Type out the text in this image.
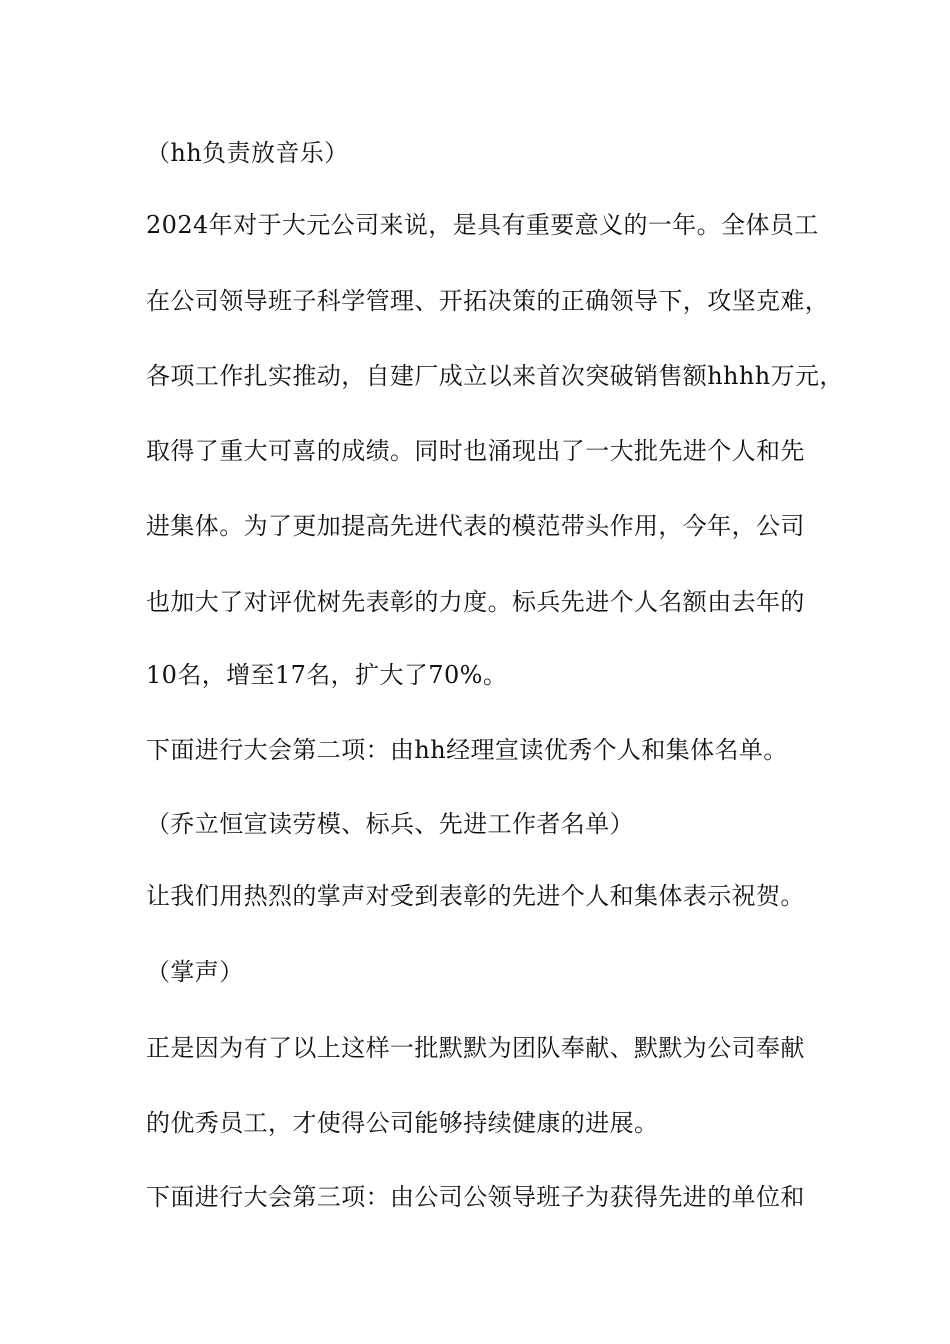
（hh负责放音乐）
2024年对于大元公司来说，是具有重要意义的一年。全体员工
在公司领导班子科学管理、开拓决策的正确领导下，攻坚克难，
各项工作扎实推动，自建厂成立以来首次突破销售额hhhh万元，
取得了重大可喜的成绩。同时也涌现出了一大批先进个人和先
进集体。为了更加提高先进代表的模范带头作用，今年，公司
也加大了对评优树先表彰的力度。标兵先进个人名额由去年的
10名，增至17名，扩大了70%。
下面进行大会第二项：由hh经理宣读优秀个人和集体名单。
（乔立恒宣读劳模、标兵、先进工作者名单）
让我们用热烈的掌声对受到表彰的先进个人和集体表示祝贺。
（掌声）
正是因为有了以上这样一批默默为团队奉献、默默为公司奉献
的优秀员工，才使得公司能够持续健康的进展。
下面进行大会第三项：由公司公领导班子为获得先进的单位和
